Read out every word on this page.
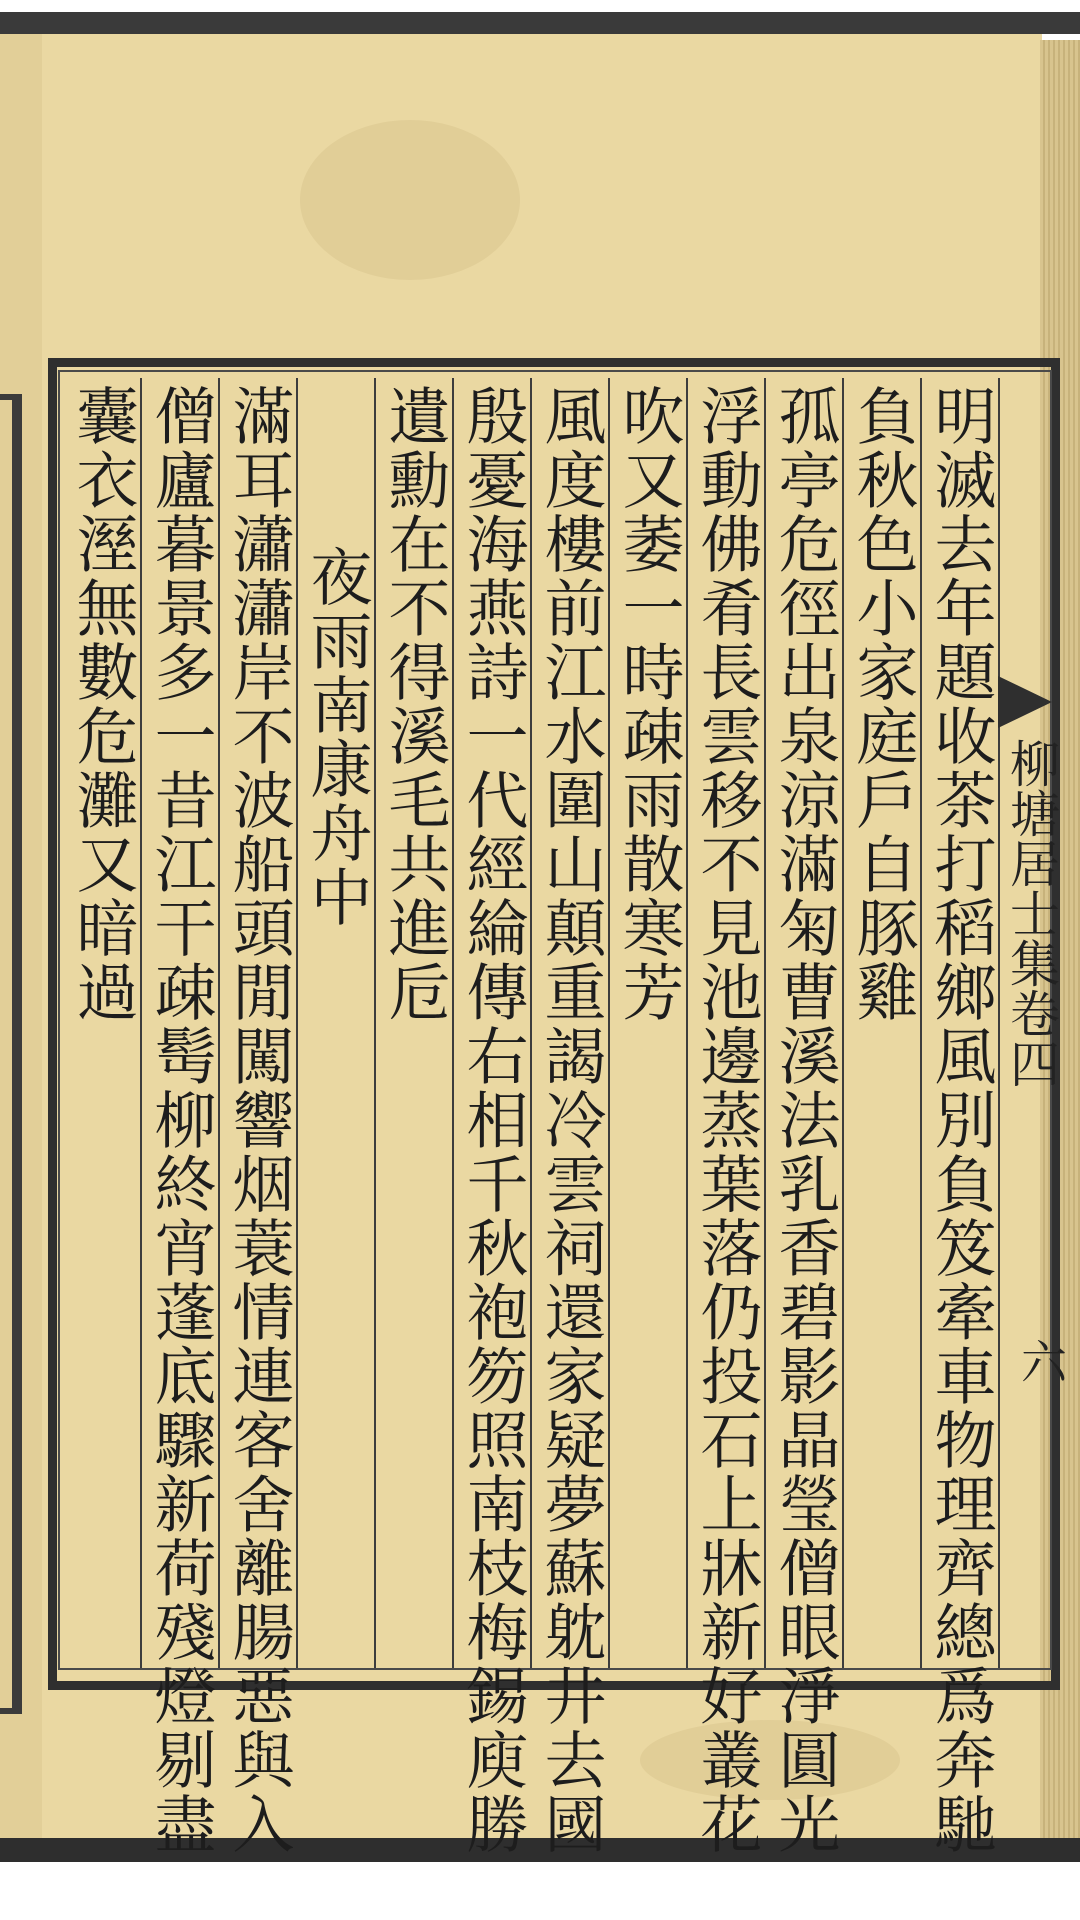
明滅去年題收茶打稻鄉風別負笈牽車物理齊總爲奔馳

負秋色小家庭戶自豚雞

孤亭危徑出泉涼滿匊曹溪法乳香碧影晶瑩僧眼淨圓光

浮動佛肴長雲移不見池邊蒸葉落仍投石上牀新好叢花

吹又萎一時疎雨散寒芳

風度樓前江水圍山顛重謁冷雲祠還家疑夢蘇躭井去國

殷憂海燕詩一代經綸傳右相千秋袍笏照南枝梅錫庾勝

遺勳在不得溪毛共進卮

夜雨南康舟中

滿耳瀟瀟岸不波船頭閒闖響烟蓑情連客舍離腸惡與入

僧廬暮景多一昔江干疎髩柳終宵蓬底驟新荷殘燈剔盡

囊衣溼無數危灘又暗過	柳塘居士集卷四

六
